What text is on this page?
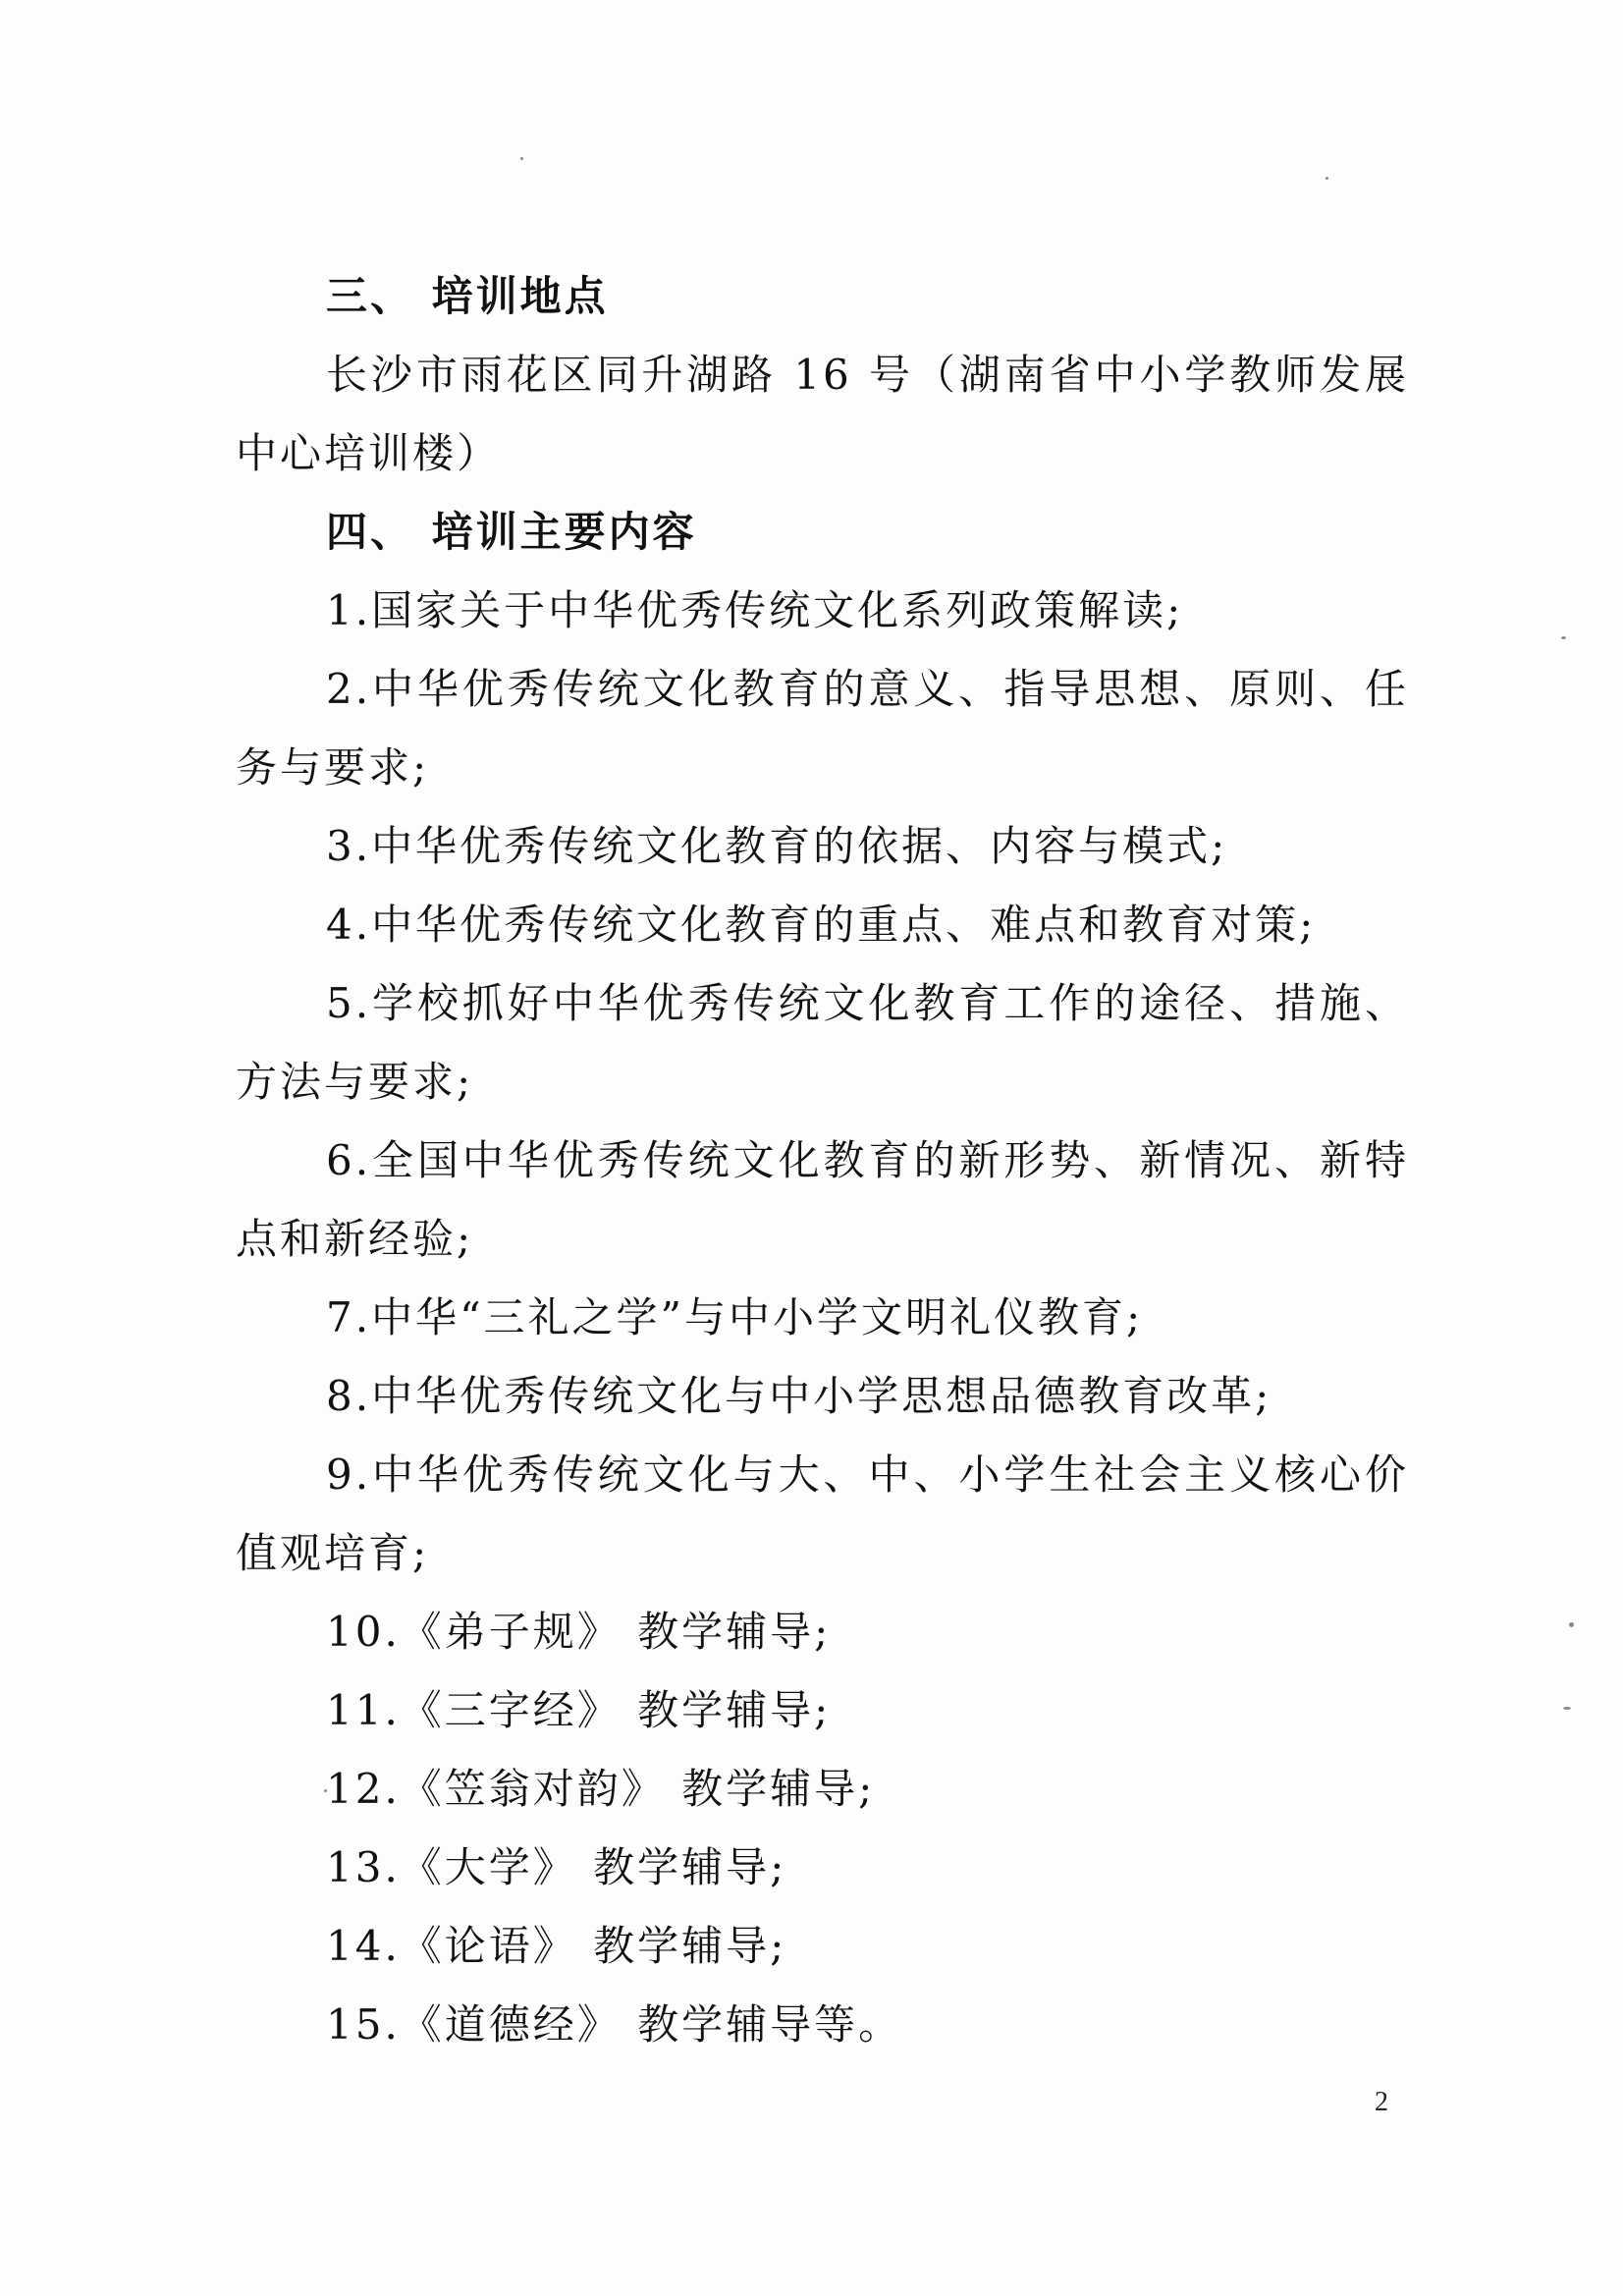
三、 培训地点

长沙市雨花区同升湖路 16 号（湖南省中小学教师发展中心培训楼）

四、 培训主要内容

1.国家关于中华优秀传统文化系列政策解读;

2.中华优秀传统文化教育的意义、指导思想、原则、任务与要求;

3.中华优秀传统文化教育的依据、内容与模式;

4.中华优秀传统文化教育的重点、难点和教育对策;

5.学校抓好中华优秀传统文化教育工作的途径、措施、方法与要求;

6.全国中华优秀传统文化教育的新形势、新情况、新特点和新经验;

7.中华“三礼之学”与中小学文明礼仪教育;

8.中华优秀传统文化与中小学思想品德教育改革;

9.中华优秀传统文化与大、中、小学生社会主义核心价值观培育;

10.《弟子规》 教学辅导;

11.《三字经》 教学辅导;

12.《笠翁对韵》 教学辅导;

13.《大学》 教学辅导;

14.《论语》 教学辅导;

15.《道德经》 教学辅导等。

2
